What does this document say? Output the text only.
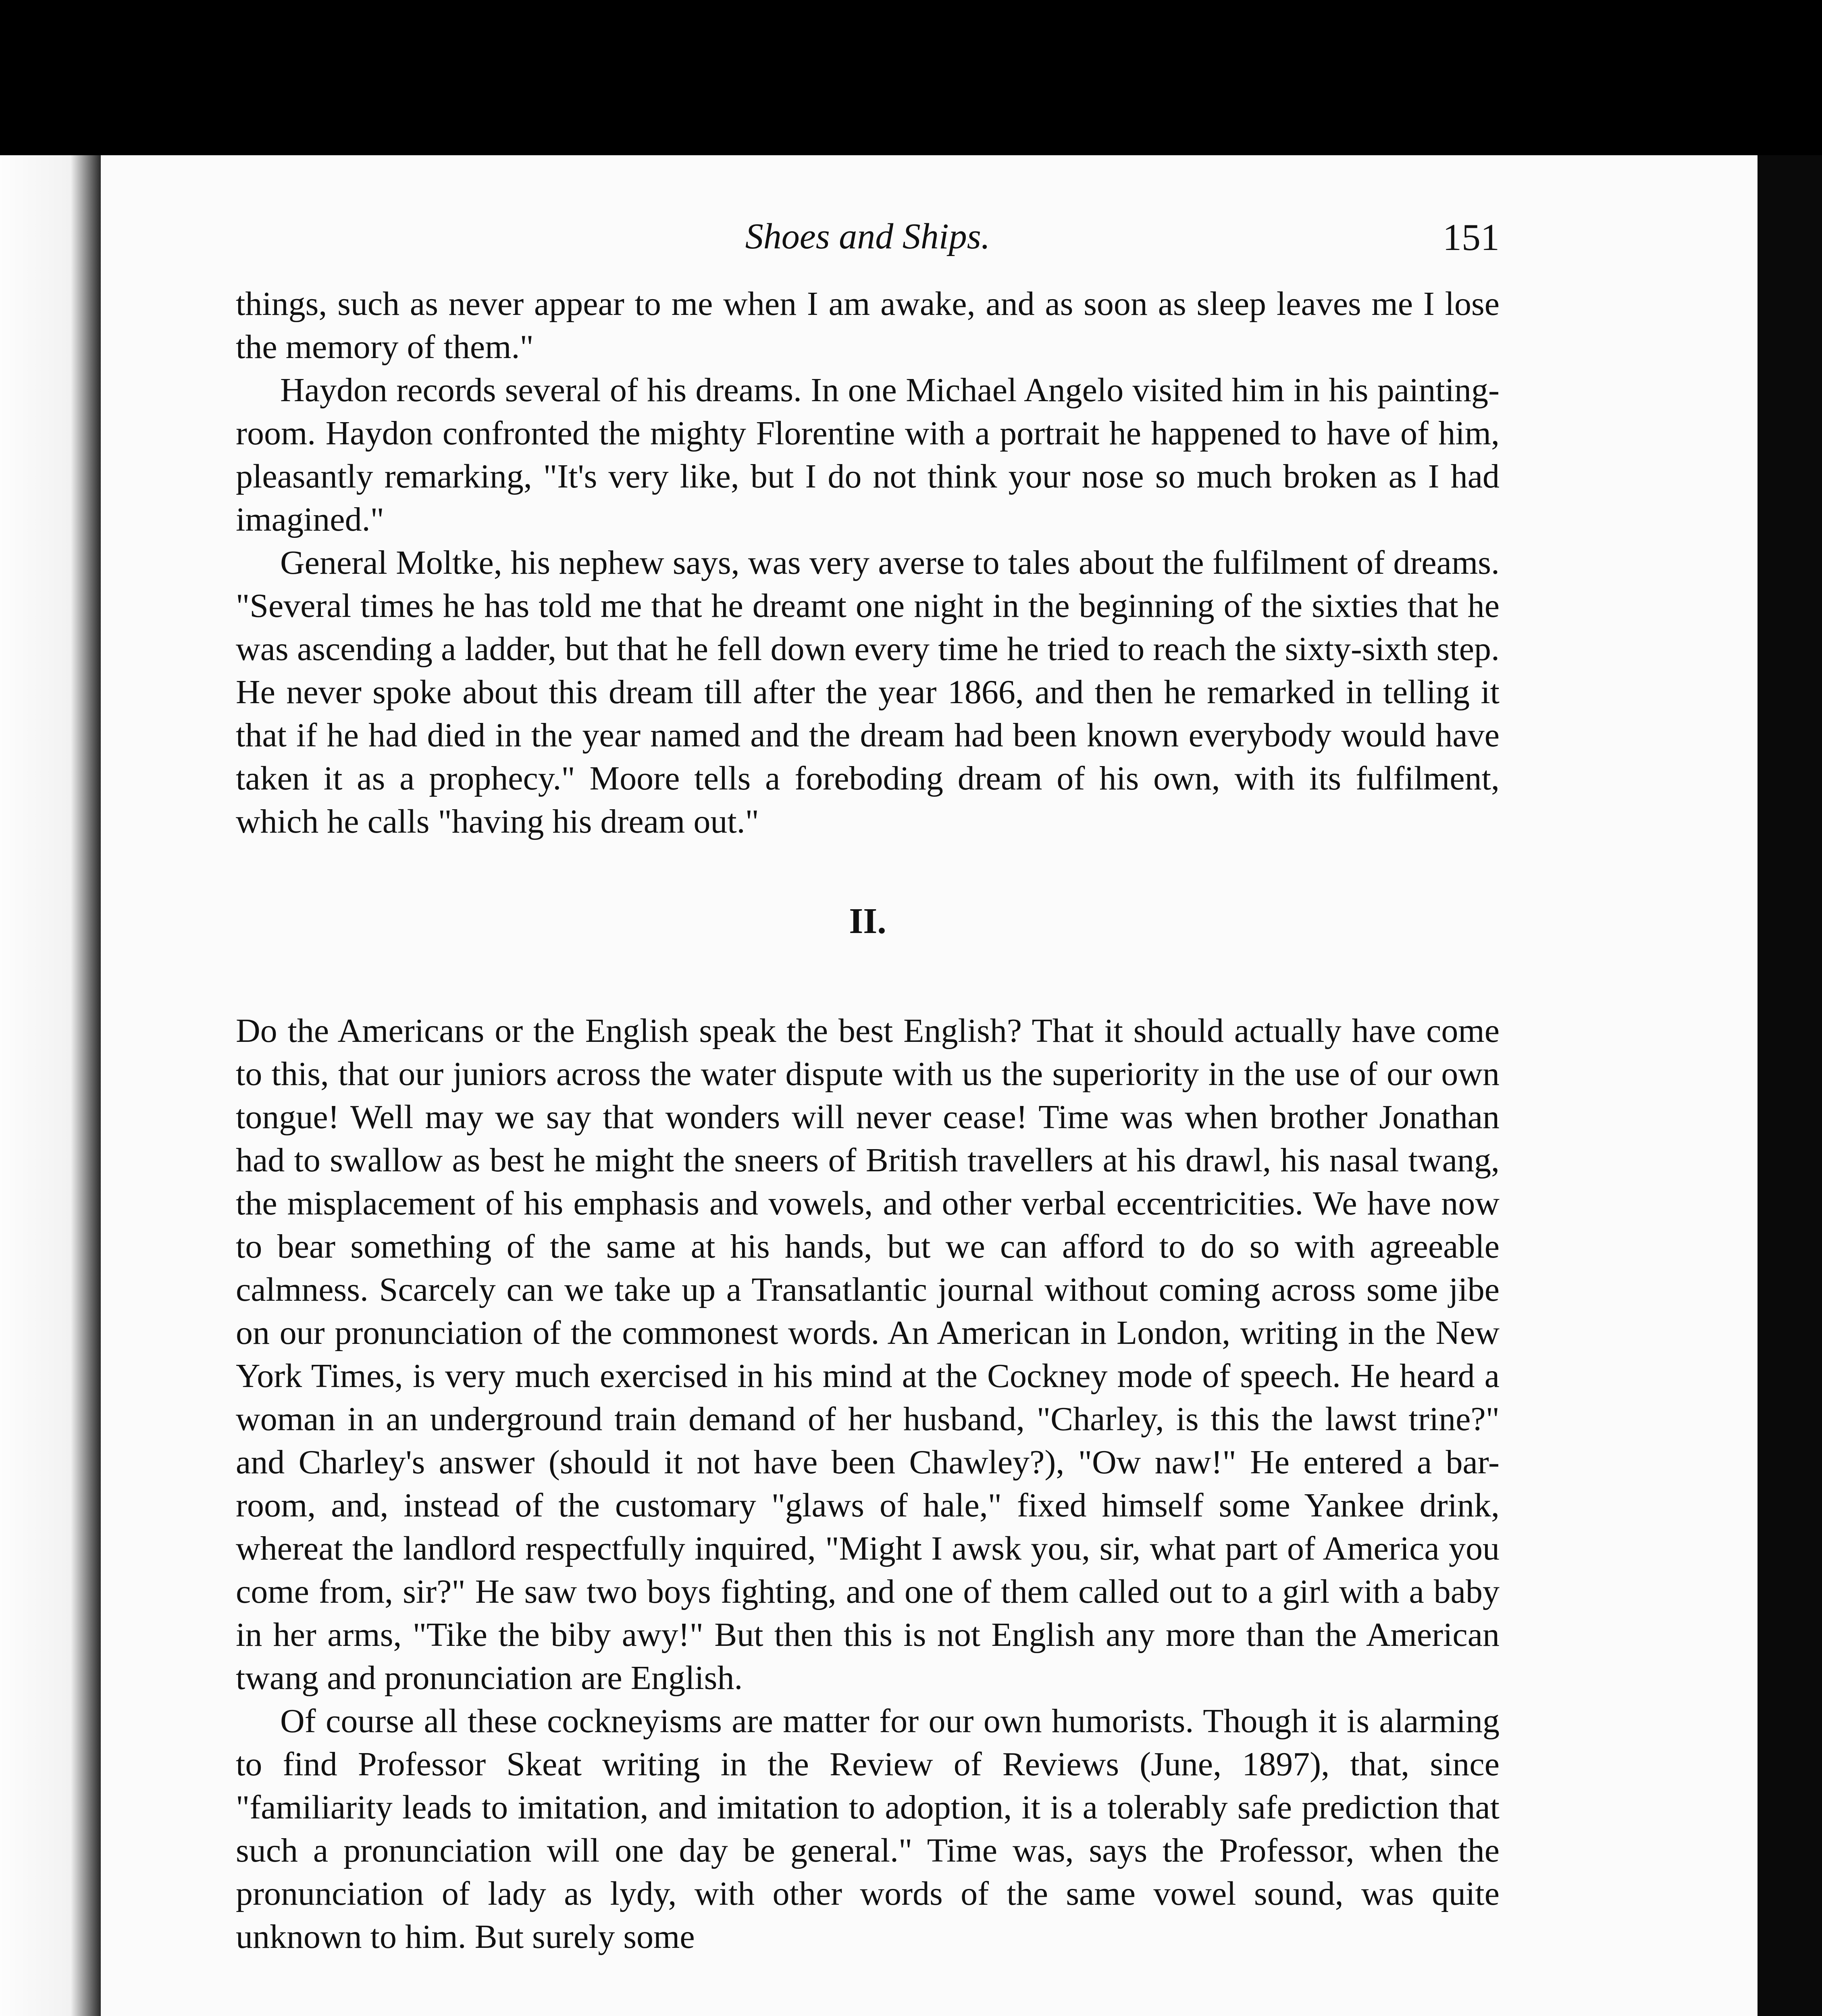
Shoes and Ships.	151

things, such as never appear to me when I am awake, and as soon as sleep leaves me I lose the memory of them."

Haydon records several of his dreams. In one Michael Angelo visited him in his painting-room. Haydon confronted the mighty Florentine with a portrait he happened to have of him, pleasantly remarking, "It's very like, but I do not think your nose so much broken as I had imagined."

General Moltke, his nephew says, was very averse to tales about the fulfilment of dreams. "Several times he has told me that he dreamt one night in the beginning of the sixties that he was ascending a ladder, but that he fell down every time he tried to reach the sixty-sixth step. He never spoke about this dream till after the year 1866, and then he remarked in telling it that if he had died in the year named and the dream had been known everybody would have taken it as a prophecy." Moore tells a foreboding dream of his own, with its fulfilment, which he calls "having his dream out."

II.

Do the Americans or the English speak the best English? That it should actually have come to this, that our juniors across the water dispute with us the superiority in the use of our own tongue! Well may we say that wonders will never cease! Time was when brother Jonathan had to swallow as best he might the sneers of British travellers at his drawl, his nasal twang, the misplacement of his emphasis and vowels, and other verbal eccentricities. We have now to bear something of the same at his hands, but we can afford to do so with agreeable calmness. Scarcely can we take up a Transatlantic journal without coming across some jibe on our pronunciation of the commonest words. An American in London, writing in the New York Times, is very much exercised in his mind at the Cockney mode of speech. He heard a woman in an underground train demand of her husband, "Charley, is this the lawst trine?" and Charley's answer (should it not have been Chawley?), "Ow naw!" He entered a bar-room, and, instead of the customary "glaws of hale," fixed himself some Yankee drink, whereat the landlord respectfully inquired, "Might I awsk you, sir, what part of America you come from, sir?" He saw two boys fighting, and one of them called out to a girl with a baby in her arms, "Tike the biby awy!" But then this is not English any more than the American twang and pronunciation are English.

Of course all these cockneyisms are matter for our own humorists. Though it is alarming to find Professor Skeat writing in the Review of Reviews (June, 1897), that, since "familiarity leads to imitation, and imitation to adoption, it is a tolerably safe prediction that such a pronunciation will one day be general." Time was, says the Professor, when the pronunciation of lady as lydy, with other words of the same vowel sound, was quite unknown to him. But surely some
